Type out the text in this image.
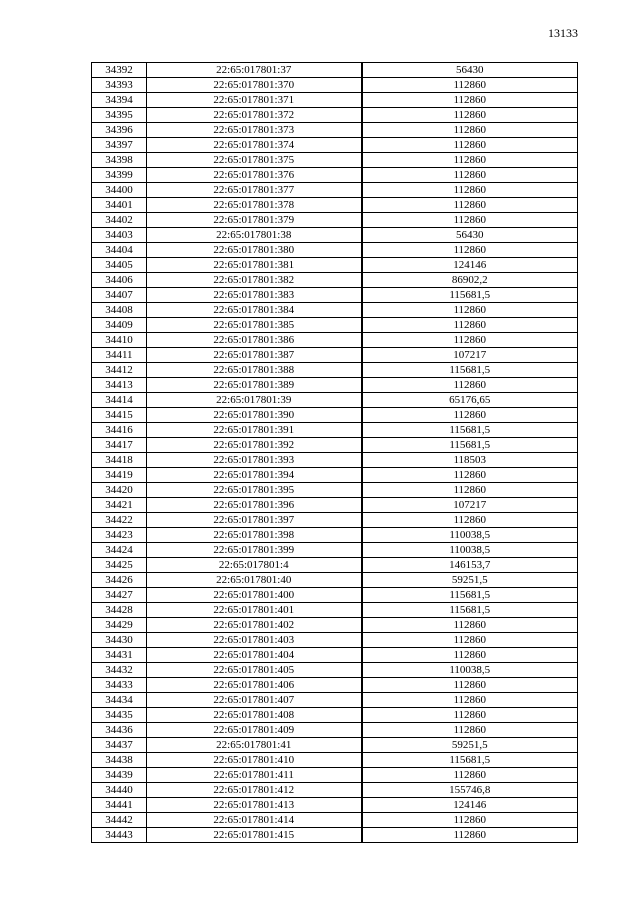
13133
34392	22:65:017801:37	56430
34393	22:65:017801:370	112860
34394	22:65:017801:371	112860
34395	22:65:017801:372	112860
34396	22:65:017801:373	112860
34397	22:65:017801:374	112860
34398	22:65:017801:375	112860
34399	22:65:017801:376	112860
34400	22:65:017801:377	112860
34401	22:65:017801:378	112860
34402	22:65:017801:379	112860
34403	22:65:017801:38	56430
34404	22:65:017801:380	112860
34405	22:65:017801:381	124146
34406	22:65:017801:382	86902,2
34407	22:65:017801:383	115681,5
34408	22:65:017801:384	112860
34409	22:65:017801:385	112860
34410	22:65:017801:386	112860
34411	22:65:017801:387	107217
34412	22:65:017801:388	115681,5
34413	22:65:017801:389	112860
34414	22:65:017801:39	65176,65
34415	22:65:017801:390	112860
34416	22:65:017801:391	115681,5
34417	22:65:017801:392	115681,5
34418	22:65:017801:393	118503
34419	22:65:017801:394	112860
34420	22:65:017801:395	112860
34421	22:65:017801:396	107217
34422	22:65:017801:397	112860
34423	22:65:017801:398	110038,5
34424	22:65:017801:399	110038,5
34425	22:65:017801:4	146153,7
34426	22:65:017801:40	59251,5
34427	22:65:017801:400	115681,5
34428	22:65:017801:401	115681,5
34429	22:65:017801:402	112860
34430	22:65:017801:403	112860
34431	22:65:017801:404	112860
34432	22:65:017801:405	110038,5
34433	22:65:017801:406	112860
34434	22:65:017801:407	112860
34435	22:65:017801:408	112860
34436	22:65:017801:409	112860
34437	22:65:017801:41	59251,5
34438	22:65:017801:410	115681,5
34439	22:65:017801:411	112860
34440	22:65:017801:412	155746,8
34441	22:65:017801:413	124146
34442	22:65:017801:414	112860
34443	22:65:017801:415	112860
